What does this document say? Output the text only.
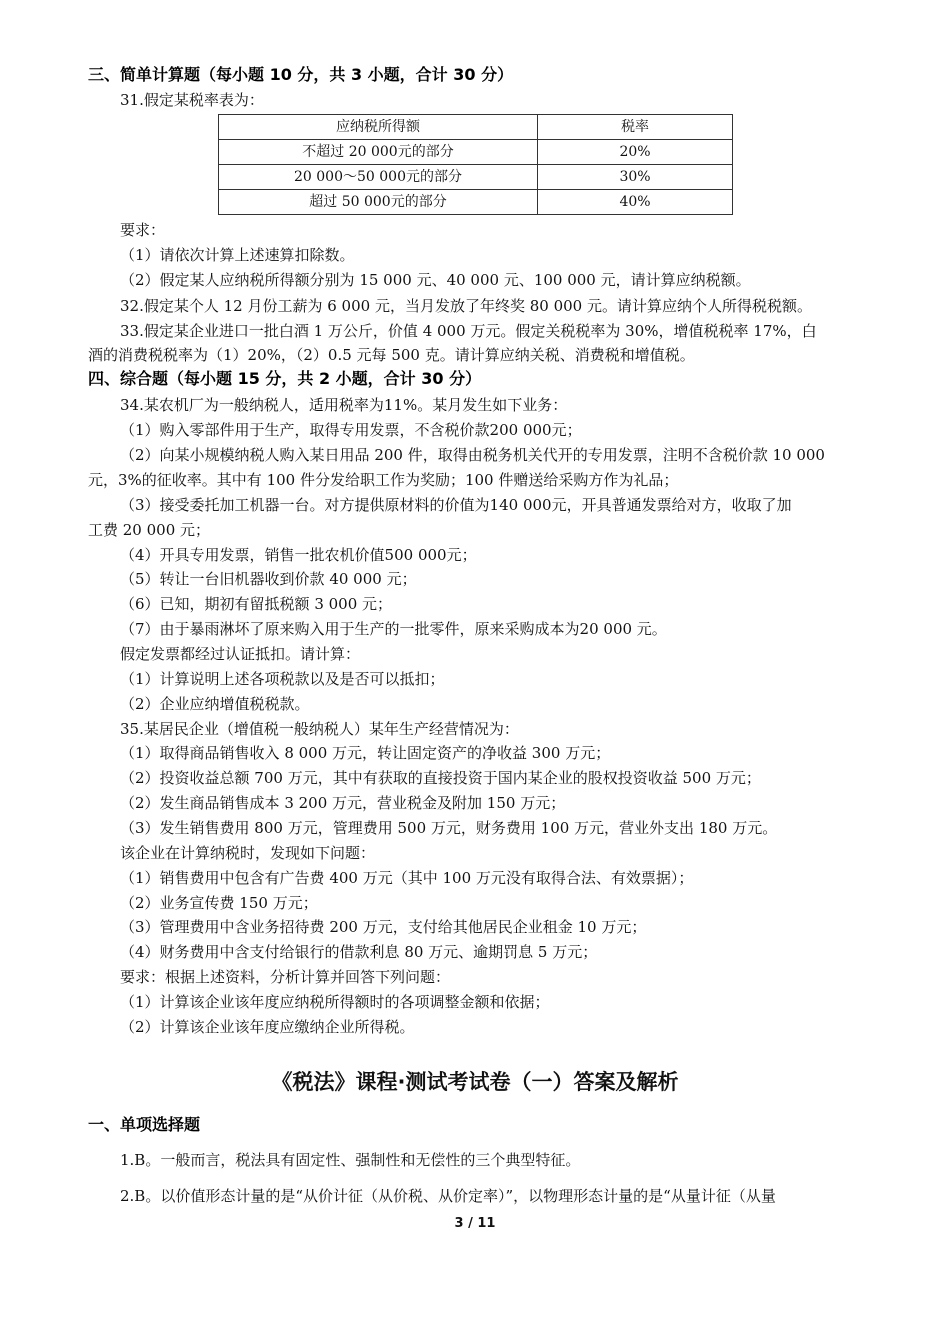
三、简单计算题（每小题 10 分，共 3 小题，合计 30 分）
31.假定某税率表为：
应纳税所得额	税率
不超过 20 000元的部分	20%
20 000～50 000元的部分	30%
超过 50 000元的部分	40%
要求：
（1）请依次计算上述速算扣除数。
（2）假定某人应纳税所得额分别为 15 000 元、40 000 元、100 000 元，请计算应纳税额。
32.假定某个人 12 月份工薪为 6 000 元，当月发放了年终奖 80 000 元。请计算应纳个人所得税税额。
33.假定某企业进口一批白酒 1 万公斤，价值 4 000 万元。假定关税税率为 30%，增值税税率 17%，白
酒的消费税税率为（1）20%，（2）0.5 元每 500 克。请计算应纳关税、消费税和增值税。
四、综合题（每小题 15 分，共 2 小题，合计 30 分）
34.某农机厂为一般纳税人，适用税率为11%。某月发生如下业务：
（1）购入零部件用于生产，取得专用发票，不含税价款200 000元；
（2）向某小规模纳税人购入某日用品 200 件，取得由税务机关代开的专用发票，注明不含税价款 10 000
元，3%的征收率。其中有 100 件分发给职工作为奖励；100 件赠送给采购方作为礼品；
（3）接受委托加工机器一台。对方提供原材料的价值为140 000元，开具普通发票给对方，收取了加
工费 20 000 元；
（4）开具专用发票，销售一批农机价值500 000元；
（5）转让一台旧机器收到价款 40 000 元；
（6）已知，期初有留抵税额 3 000 元；
（7）由于暴雨淋坏了原来购入用于生产的一批零件，原来采购成本为20 000 元。
假定发票都经过认证抵扣。请计算：
（1）计算说明上述各项税款以及是否可以抵扣；
（2）企业应纳增值税税款。
35.某居民企业（增值税一般纳税人）某年生产经营情况为：
（1）取得商品销售收入 8 000 万元，转让固定资产的净收益 300 万元；
（2）投资收益总额 700 万元，其中有获取的直接投资于国内某企业的股权投资收益 500 万元；
（2）发生商品销售成本 3 200 万元，营业税金及附加 150 万元；
（3）发生销售费用 800 万元，管理费用 500 万元，财务费用 100 万元，营业外支出 180 万元。
该企业在计算纳税时，发现如下问题：
（1）销售费用中包含有广告费 400 万元（其中 100 万元没有取得合法、有效票据）；
（2）业务宣传费 150 万元；
（3）管理费用中含业务招待费 200 万元，支付给其他居民企业租金 10 万元；
（4）财务费用中含支付给银行的借款利息 80 万元、逾期罚息 5 万元；
要求：根据上述资料，分析计算并回答下列问题：
（1）计算该企业该年度应纳税所得额时的各项调整金额和依据；
（2）计算该企业该年度应缴纳企业所得税。
《税法》课程·测试考试卷（一）答案及解析
一、单项选择题
1.B。一般而言，税法具有固定性、强制性和无偿性的三个典型特征。
2.B。以价值形态计量的是“从价计征（从价税、从价定率）”，以物理形态计量的是“从量计征（从量
3 / 11
